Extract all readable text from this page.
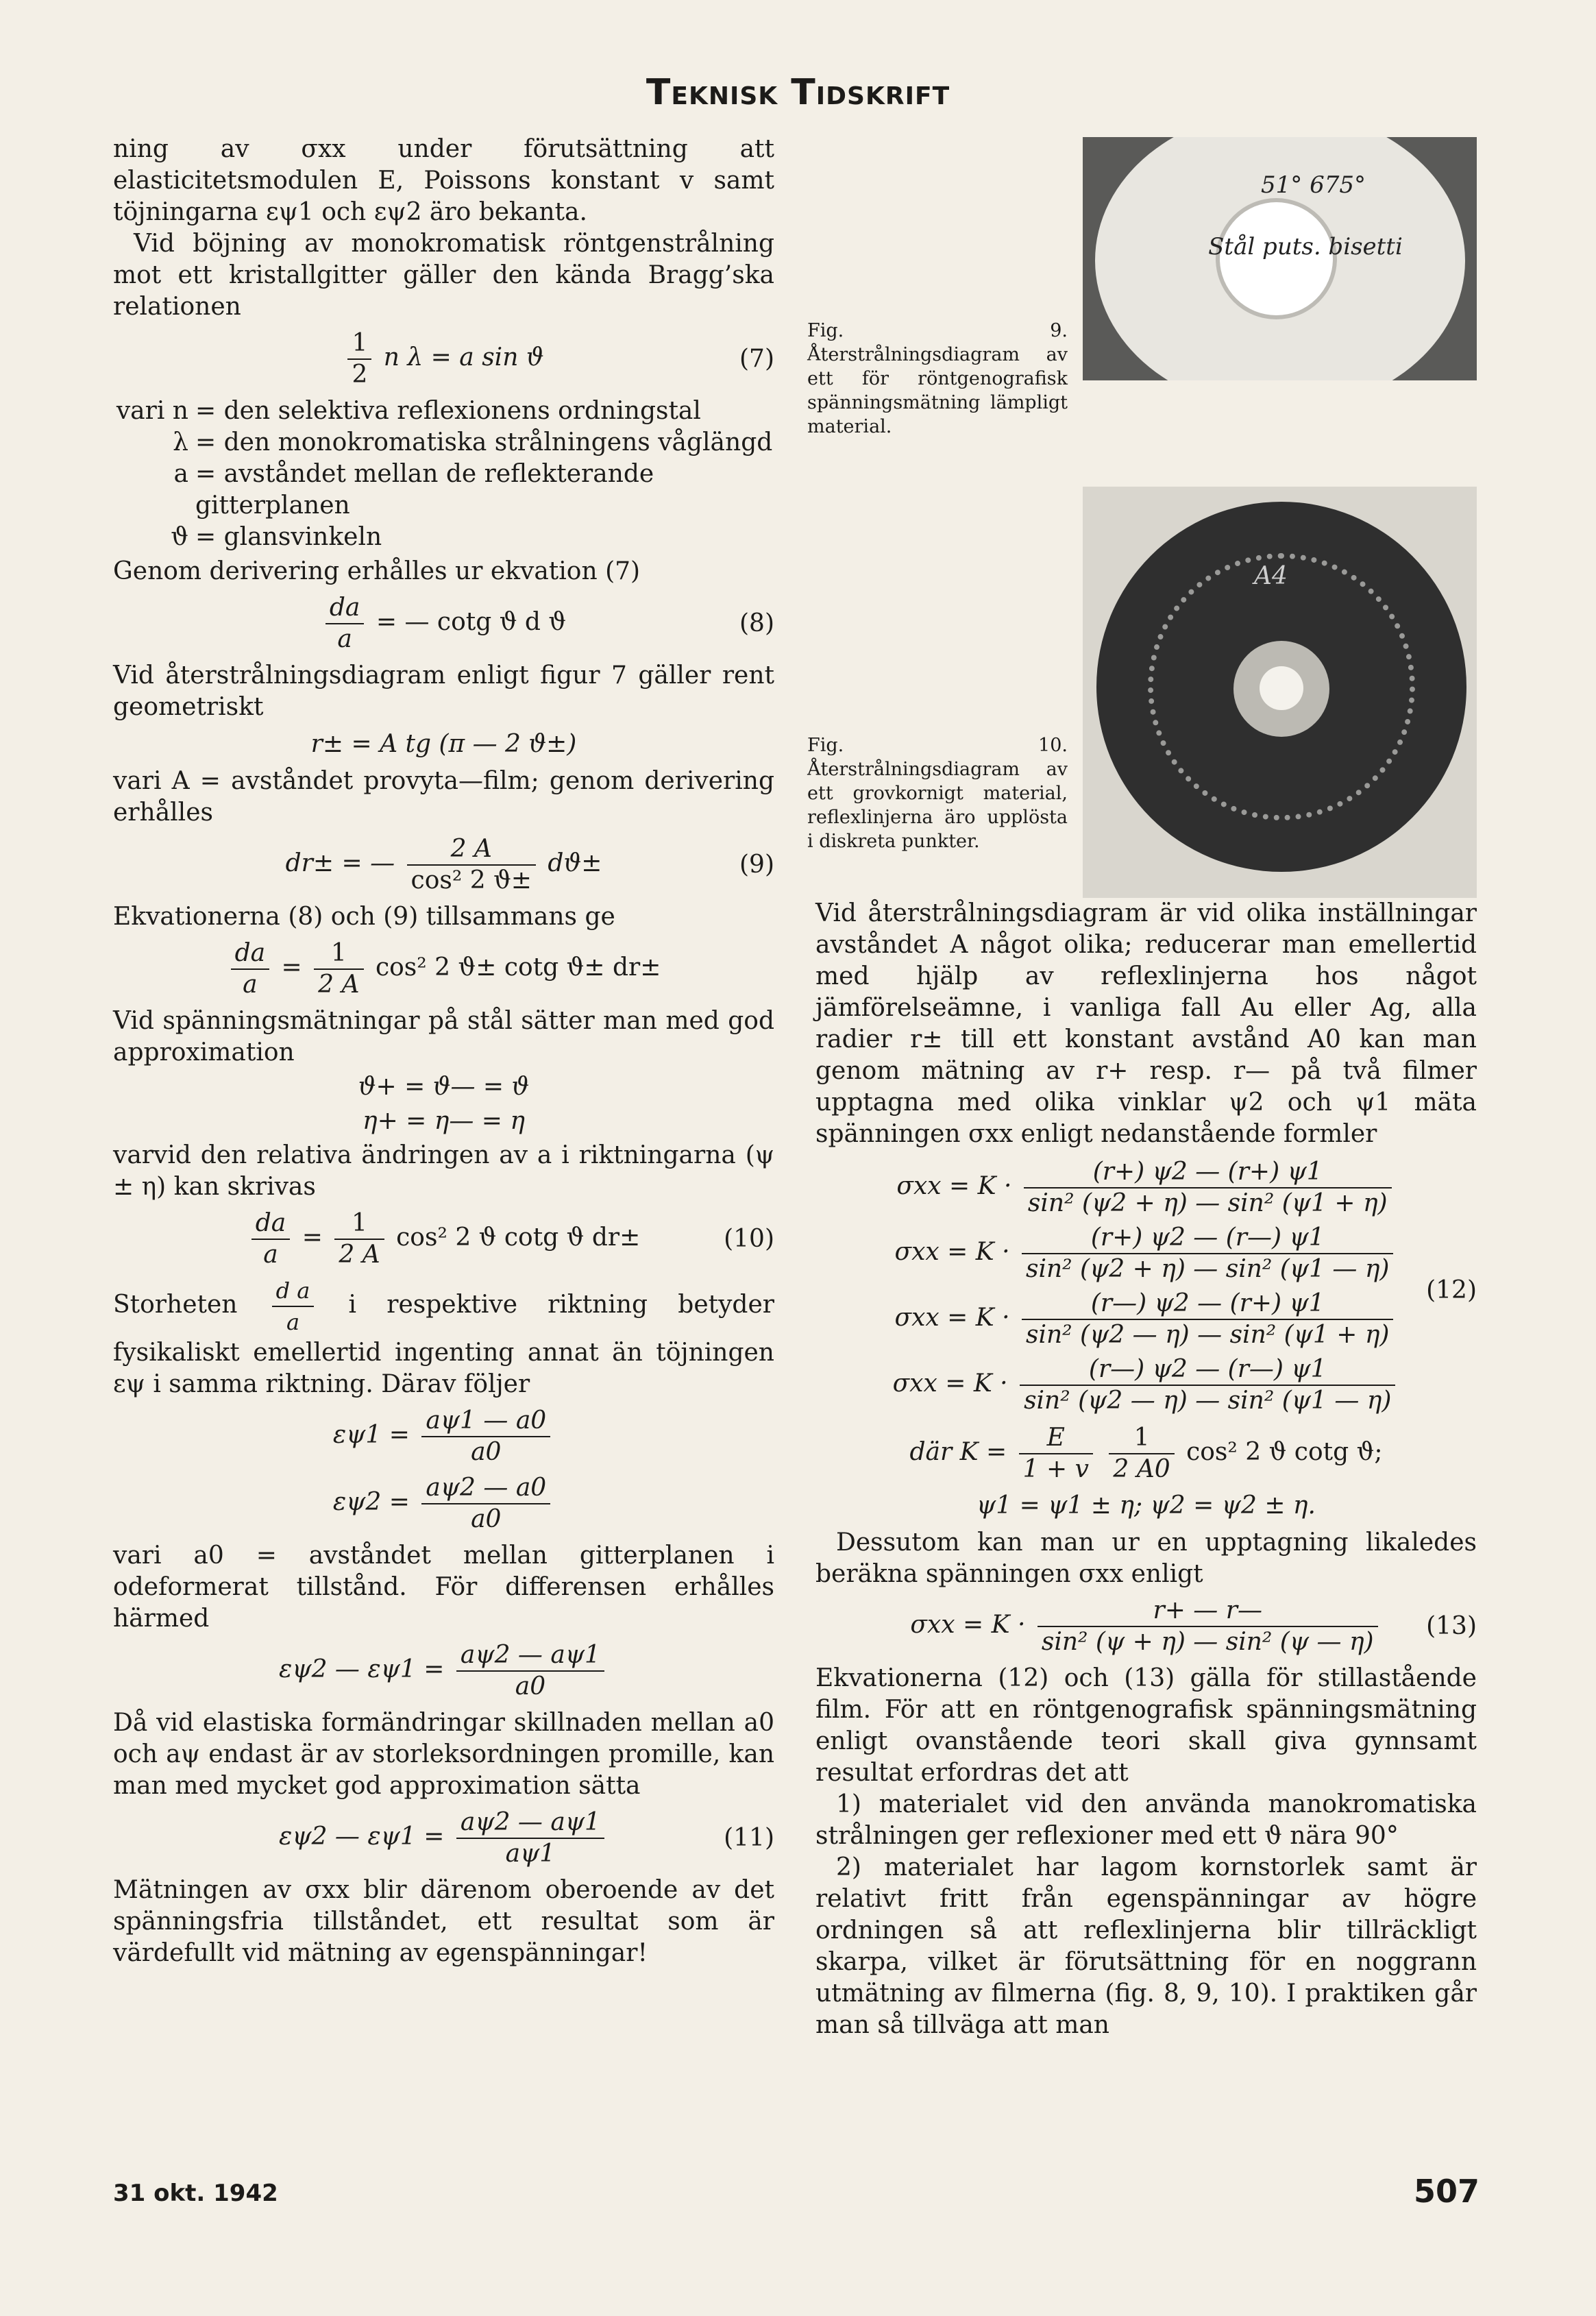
Teknisk Tidskrift

ning av σxx under förutsättning att elasticitetsmodulen E, Poissons konstant v samt töjningarna εψ1 och εψ2 äro bekanta.

Vid böjning av monokromatisk röntgenstrålning mot ett kristallgitter gäller den kända Bragg’ska relationen

$\frac{1}{2}$ n λ = a sin ϑ	(7)
vari n = den selektiva reflexionens ordningstal
λ = den monokromatiska strålningens våglängd
a = avståndet mellan de reflekterande gitterplanen
ϑ = glansvinkeln

Genom derivering erhålles ur ekvation (7)

$\frac{da}{a}$ = — cotg ϑ d ϑ	(8)

Vid återstrålningsdiagram enligt figur 7 gäller rent geometriskt

r± = A tg (π — 2 ϑ±)

vari A = avståndet provyta—film; genom derivering erhålles

dr± = — $\frac{2 A}{\text{cos² 2 ϑ±}} dϑ\pm$	(9)

Ekvationerna (8) och (9) tillsammans ge

$\frac{da}{a} = \frac{1}{2 A} \cos^2$ 2 ϑ± cotg ϑ± dr±

Vid spänningsmätningar på stål sätter man med god approximation

ϑ+ = ϑ— = ϑ
η+ = η— = η

varvid den relativa ändringen av a i riktningarna (ψ ± η) kan skrivas

$\frac{da}{a} = \frac{1}{2 A} \cos^2$ 2 ϑ cotg ϑ dr±	(10)

Storheten $\frac{\text{d a}}{a}$ i respektive riktning betyder fysikaliskt emellertid ingenting annat än töjningen εψ i samma riktning. Därav följer

$\varepsilon\psi 1 = \frac{a\psi 1 — a0}{a0}$
$\varepsilon\psi 2 = \frac{a\psi 2 — a0}{a0}$

vari a0 = avståndet mellan gitterplanen i odeformerat tillstånd. För differensen erhålles härmed

εψ2 — $\varepsilon\psi 1 = \frac{a\psi 2 — a\psi 1}{a0}$

Då vid elastiska formändringar skillnaden mellan a0 och aψ endast är av storleksordningen promille, kan man med mycket god approximation sätta

εψ2 — $\varepsilon\psi 1 = \frac{a\psi 2 — a\psi 1}{a\psi 1}$	(11)

Mätningen av σxx blir därenom oberoende av det spänningsfria tillståndet, ett resultat som är värdefullt vid mätning av egenspänningar!

51° 675°
Stål puts. bisetti
Fig. 9. Återstrålningsdiagram av ett för röntgenografisk spänningsmätning lämpligt material.
A4
Fig. 10. Återstrålningsdiagram av ett grovkornigt material, reflexlinjerna äro upplösta i diskreta punkter.

Vid återstrålningsdiagram är vid olika inställningar avståndet A något olika; reducerar man emellertid med hjälp av reflexlinjerna hos något jämförelseämne, i vanliga fall Au eller Ag, alla radier r± till ett konstant avstånd A0 kan man genom mätning av r+ resp. r— på två filmer upptagna med olika vinklar ψ2 och ψ1 mäta spänningen σxx enligt nedanstående formler

$\sigma xx = K \cdot \frac{(r+) \psi 2 — (r+) \psi 1}{\text{sin² (ψ2 + η) — sin² (ψ1 + η)}}$
$\sigma xx = K \cdot \frac{(r+) \psi 2 — (r—) \psi 1}{\text{sin² (ψ2 + η) — sin² (ψ1 — η)}}$
$\sigma xx = K \cdot \frac{(r—) \psi 2 — (r+) \psi 1}{\text{sin² (ψ2 — η) — sin² (ψ1 + η)}}$
$\sigma xx = K \cdot \frac{(r—) \psi 2 — (r—) \psi 1}{\text{sin² (ψ2 — η) — sin² (ψ1 — η)}}$
(12)
där $K = \frac{E}{1 + v}$
$\frac{1}{2 A0} \cos^2$ 2 ϑ cotg ϑ;
ψ1 = ψ1 ± η; ψ2 = ψ2 ± η.

Dessutom kan man ur en upptagning likaledes beräkna spänningen σxx enligt

$\sigma xx = K \cdot \frac{r+ — r—}{\text{sin² (ψ + η) — sin² (ψ — η)}} (13)$

Ekvationerna (12) och (13) gälla för stillastående film. För att en röntgenografisk spänningsmätning enligt ovanstående teori skall giva gynnsamt resultat erfordras det att

1) materialet vid den använda manokromatiska strålningen ger reflexioner med ett ϑ nära 90°

2) materialet har lagom kornstorlek samt är relativt fritt från egenspänningar av högre ordningen så att reflexlinjerna blir tillräckligt skarpa, vilket är förutsättning för en noggrann utmätning av filmerna (fig. 8, 9, 10). I praktiken går man så tillväga att man

31 okt. 1942	507
